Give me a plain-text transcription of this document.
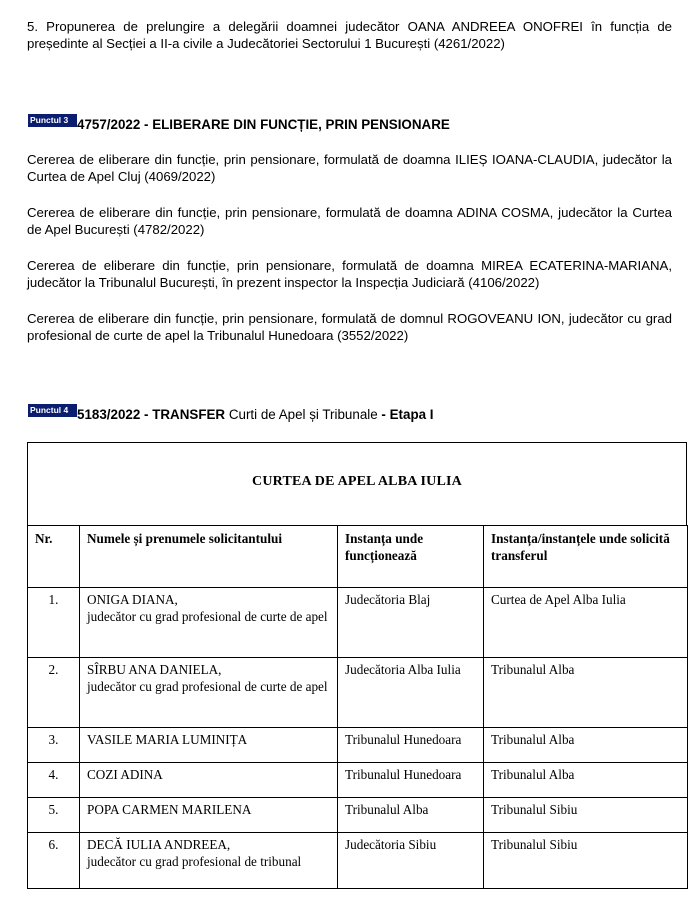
5. Propunerea de prelungire a delegării doamnei judecător OANA ANDREEA ONOFREI în funcția de președinte al Secției a II-a civile a Judecătoriei Sectorului 1 București (4261/2022)
Punctul 3 4757/2022 - ELIBERARE DIN FUNCȚIE, PRIN PENSIONARE
Cererea de eliberare din funcție, prin pensionare, formulată de doamna ILIEȘ IOANA-CLAUDIA, judecător la Curtea de Apel Cluj (4069/2022)
Cererea de eliberare din funcție, prin pensionare, formulată de doamna ADINA COSMA, judecător la Curtea de Apel București (4782/2022)
Cererea de eliberare din funcție, prin pensionare, formulată de doamna MIREA ECATERINA-MARIANA, judecător la Tribunalul București, în prezent inspector la Inspecția Judiciară (4106/2022)
Cererea de eliberare din funcție, prin pensionare, formulată de domnul ROGOVEANU ION, judecător cu grad profesional de curte de apel la Tribunalul Hunedoara (3552/2022)
Punctul 4 5183/2022 - TRANSFER Curti de Apel și Tribunale - Etapa I
CURTEA DE APEL ALBA IULIA
Nr.	Numele și prenumele solicitantului	Instanța unde funcționează	Instanța/instanțele unde solicită transferul
1.	ONIGA DIANA,
judecător cu grad profesional de curte de apel	Judecătoria Blaj	Curtea de Apel Alba Iulia
2.	SÎRBU ANA DANIELA,
judecător cu grad profesional de curte de apel	Judecătoria Alba Iulia	Tribunalul Alba
3.	VASILE MARIA LUMINIȚA	Tribunalul Hunedoara	Tribunalul Alba
4.	COZI ADINA	Tribunalul Hunedoara	Tribunalul Alba
5.	POPA CARMEN MARILENA	Tribunalul Alba	Tribunalul Sibiu
6.	DECĂ IULIA ANDREEA,
judecător cu grad profesional de tribunal	Judecătoria Sibiu	Tribunalul Sibiu
